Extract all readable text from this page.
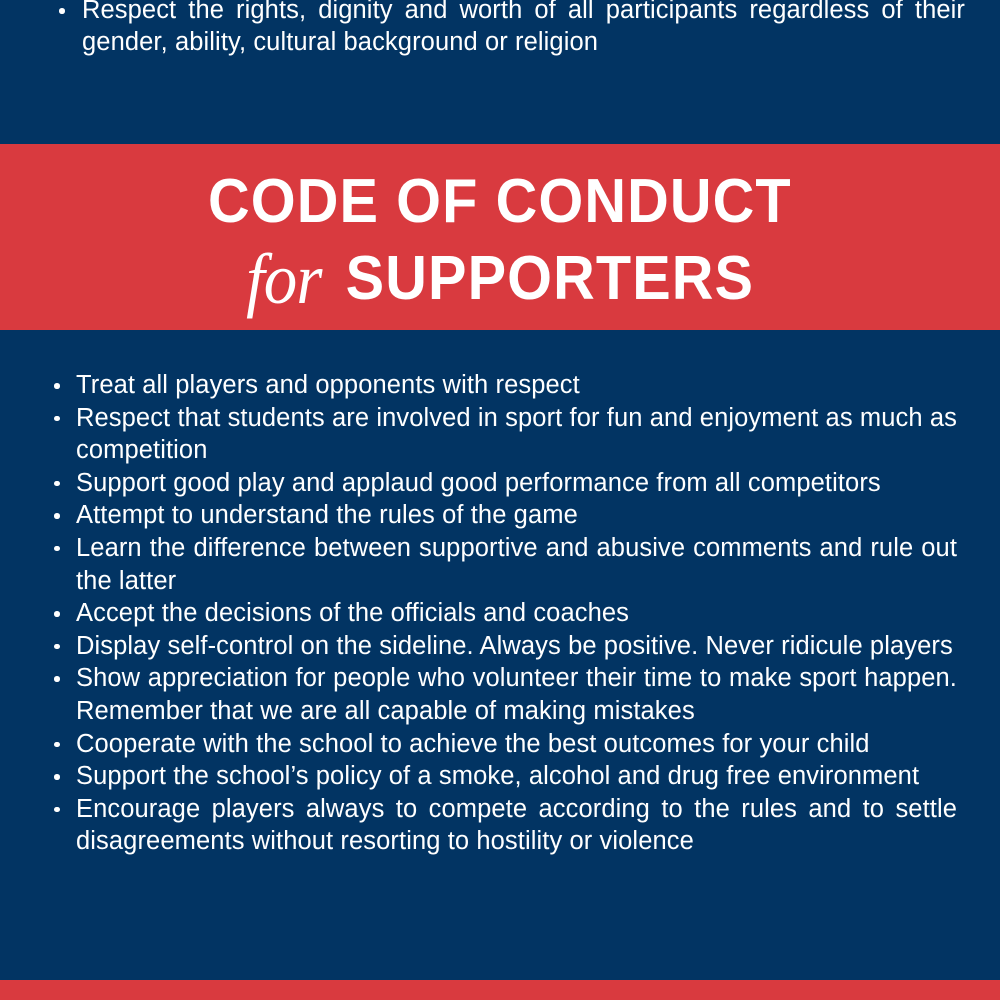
Respect the rights, dignity and worth of all participants regardless of their gender, ability, cultural background or religion
CODE OF CONDUCT
for SUPPORTERS
Treat all players and opponents with respect
Respect that students are involved in sport for fun and enjoyment as much as competition
Support good play and applaud good performance from all competitors
Attempt to understand the rules of the game
Learn the difference between supportive and abusive comments and rule out the latter
Accept the decisions of the officials and coaches
Display self-control on the sideline. Always be positive. Never ridicule players
Show appreciation for people who volunteer their time to make sport happen. Remember that we are all capable of making mistakes
Cooperate with the school to achieve the best outcomes for your child
Support the school’s policy of a smoke, alcohol and drug free environment
Encourage players always to compete according to the rules and to settle disagreements without resorting to hostility or violence
